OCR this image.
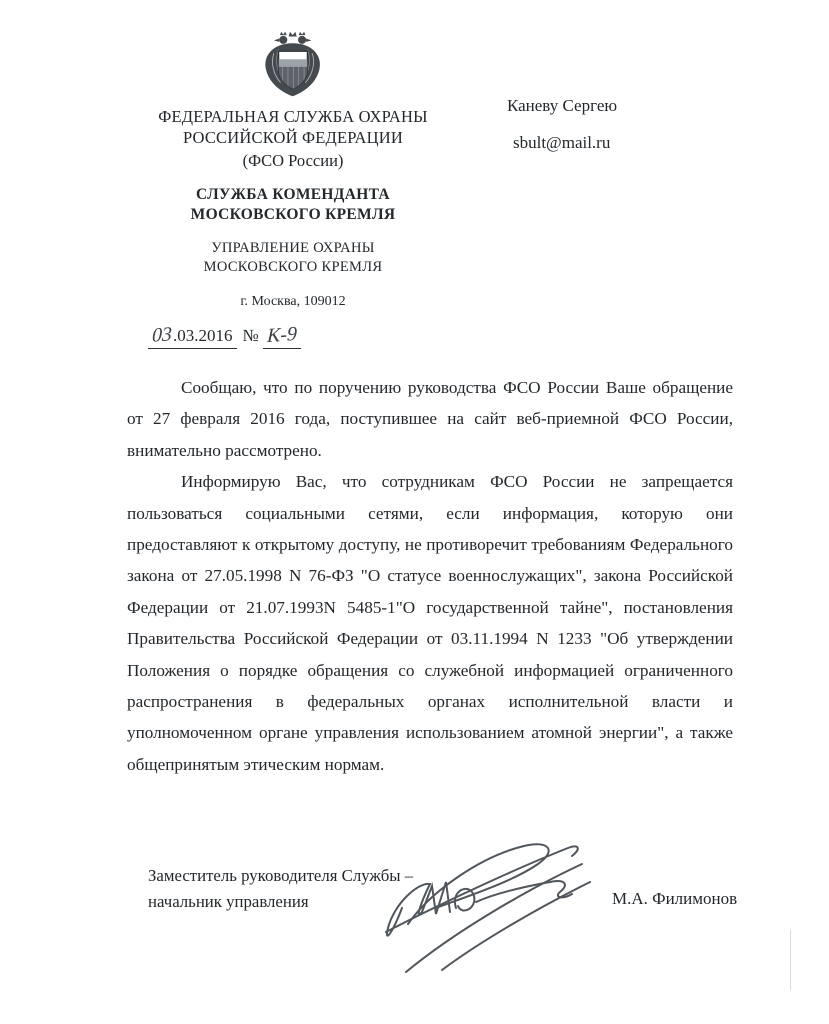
ФЕДЕРАЛЬНАЯ СЛУЖБА ОХРАНЫ
РОССИЙСКОЙ ФЕДЕРАЦИИ
(ФСО России)
СЛУЖБА КОМЕНДАНТА
МОСКОВСКОГО КРЕМЛЯ
УПРАВЛЕНИЕ ОХРАНЫ
МОСКОВСКОГО КРЕМЛЯ
г. Москва, 109012
03.03.2016 № К-9
Каневу Сергею
sbult@mail.ru

Сообщаю, что по поручению руководства ФСО России Ваше обращение от 27 февраля 2016 года, поступившее на сайт веб-приемной ФСО России, внимательно рассмотрено.

Информирую Вас, что сотрудникам ФСО России не запрещается пользоваться социальными сетями, если информация, которую они предоставляют к открытому доступу, не противоречит требованиям Федерального закона от 27.05.1998 N 76-ФЗ "О статусе военнослужащих", закона Российской Федерации от 21.07.1993N 5485-1"О государственной тайне", постановления Правительства Российской Федерации от 03.11.1994 N 1233 "Об утверждении Положения о порядке обращения со служебной информацией ограниченного распространения в федеральных органах исполнительной власти и уполномоченном органе управления использованием атомной энергии", а также общепринятым этическим нормам.

Заместитель руководителя Службы –
начальник управления	М.А. Филимонов
